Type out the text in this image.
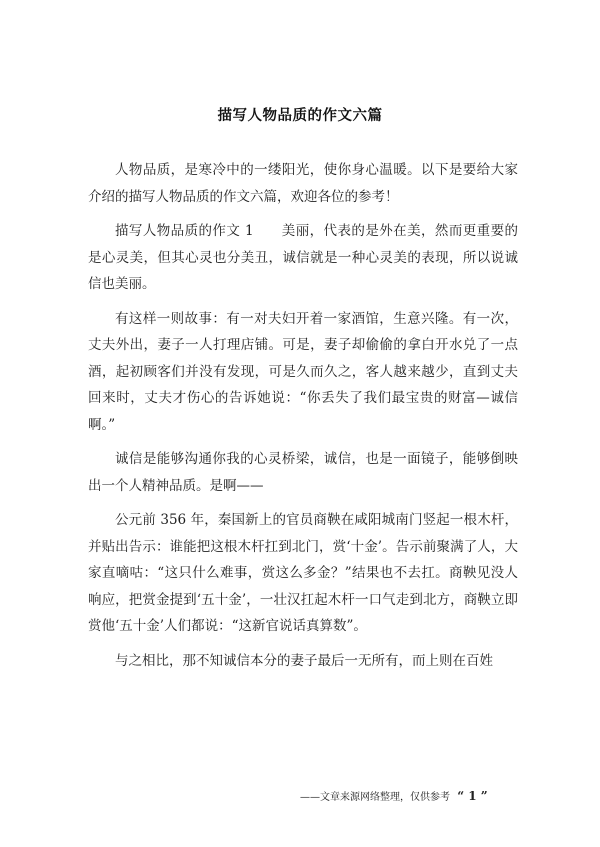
描写人物品质的作文六篇

人物品质，是寒冷中的一缕阳光，使你身心温暖。以下是要给大家介绍的描写人物品质的作文六篇，欢迎各位的参考！

描写人物品质的作文 1　　美丽，代表的是外在美，然而更重要的是心灵美，但其心灵也分美丑，诚信就是一种心灵美的表现，所以说诚信也美丽。

有这样一则故事：有一对夫妇开着一家酒馆，生意兴隆。有一次，丈夫外出，妻子一人打理店铺。可是，妻子却偷偷的拿白开水兑了一点酒，起初顾客们并没有发现，可是久而久之，客人越来越少，直到丈夫回来时，丈夫才伤心的告诉她说：“你丢失了我们最宝贵的财富—诚信啊。”

诚信是能够沟通你我的心灵桥梁，诚信，也是一面镜子，能够倒映出一个人精神品质。是啊——

公元前 356 年，秦国新上的官员商鞅在咸阳城南门竖起一根木杆，并贴出告示：谁能把这根木杆扛到北门，赏‘十金’。告示前聚满了人，大家直嘀咕：“这只什么难事，赏这么多金？”结果也不去扛。商鞅见没人响应，把赏金提到‘五十金’，一壮汉扛起木杆一口气走到北方，商鞅立即赏他‘五十金’人们都说：“这新官说话真算数”。

与之相比，那不知诚信本分的妻子最后一无所有，而上则在百姓

——文章来源网络整理，仅供参考 “ 1 ”
